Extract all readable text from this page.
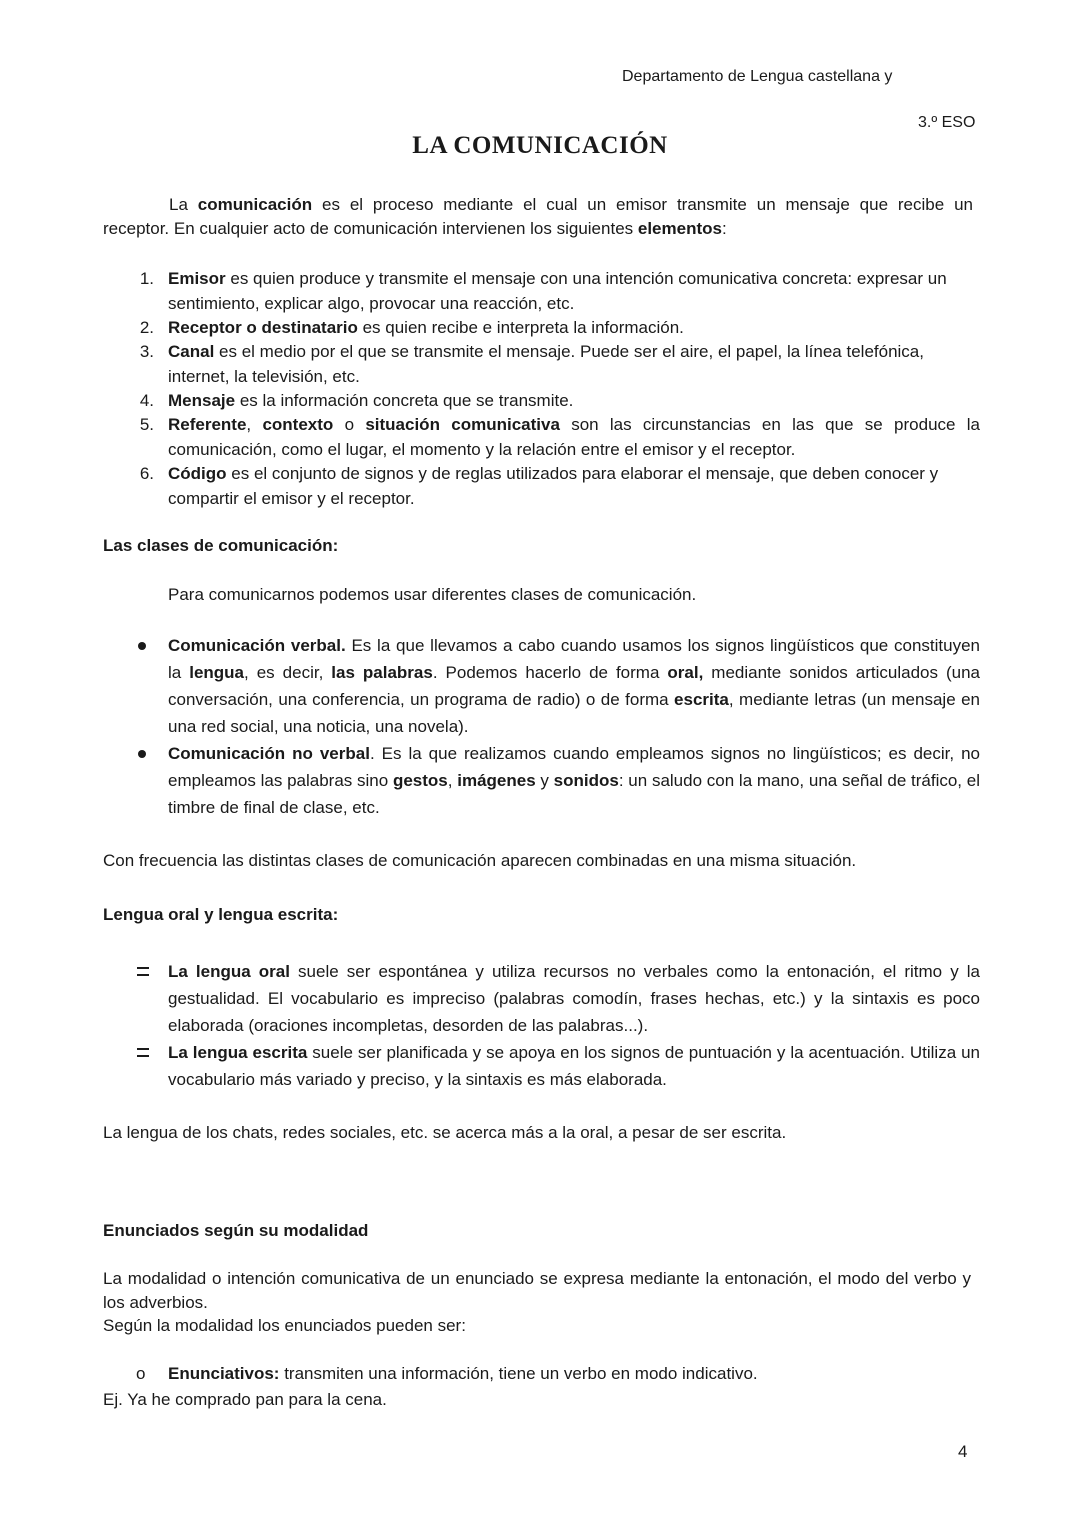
Departamento de Lengua castellana y
3.º ESO
LA COMUNICACIÓN
La comunicación es el proceso mediante el cual un emisor transmite un mensaje que recibe un
receptor. En cualquier acto de comunicación intervienen los siguientes elementos:
1. Emisor es quien produce y transmite el mensaje con una intención comunicativa concreta: expresar un sentimiento, explicar algo, provocar una reacción, etc.
2. Receptor o destinatario es quien recibe e interpreta la información.
3. Canal es el medio por el que se transmite el mensaje. Puede ser el aire, el papel, la línea telefónica, internet, la televisión, etc.
4. Mensaje es la información concreta que se transmite.
5. Referente, contexto o situación comunicativa son las circunstancias en las que se produce la comunicación, como el lugar, el momento y la relación entre el emisor y el receptor.
6. Código es el conjunto de signos y de reglas utilizados para elaborar el mensaje, que deben conocer y compartir el emisor y el receptor.
Las clases de comunicación:
Para comunicarnos podemos usar diferentes clases de comunicación.
Comunicación verbal. Es la que llevamos a cabo cuando usamos los signos lingüísticos que constituyen la lengua, es decir, las palabras. Podemos hacerlo de forma oral, mediante sonidos articulados (una conversación, una conferencia, un programa de radio) o de forma escrita, mediante letras (un mensaje en una red social, una noticia, una novela).
Comunicación no verbal. Es la que realizamos cuando empleamos signos no lingüísticos; es decir, no empleamos las palabras sino gestos, imágenes y sonidos: un saludo con la mano, una señal de tráfico, el timbre de final de clase, etc.
Con frecuencia las distintas clases de comunicación aparecen combinadas en una misma situación.
Lengua oral y lengua escrita:
La lengua oral suele ser espontánea y utiliza recursos no verbales como la entonación, el ritmo y la gestualidad. El vocabulario es impreciso (palabras comodín, frases hechas, etc.) y la sintaxis es poco elaborada (oraciones incompletas, desorden de las palabras...).
La lengua escrita suele ser planificada y se apoya en los signos de puntuación y la acentuación. Utiliza un vocabulario más variado y preciso, y la sintaxis es más elaborada.
La lengua de los chats, redes sociales, etc. se acerca más a la oral, a pesar de ser escrita.
Enunciados según su modalidad
La modalidad o intención comunicativa de un enunciado se expresa mediante la entonación, el modo del verbo y los adverbios.
Según la modalidad los enunciados pueden ser:
o Enunciativos: transmiten una información, tiene un verbo en modo indicativo.
Ej. Ya he comprado pan para la cena.
4
